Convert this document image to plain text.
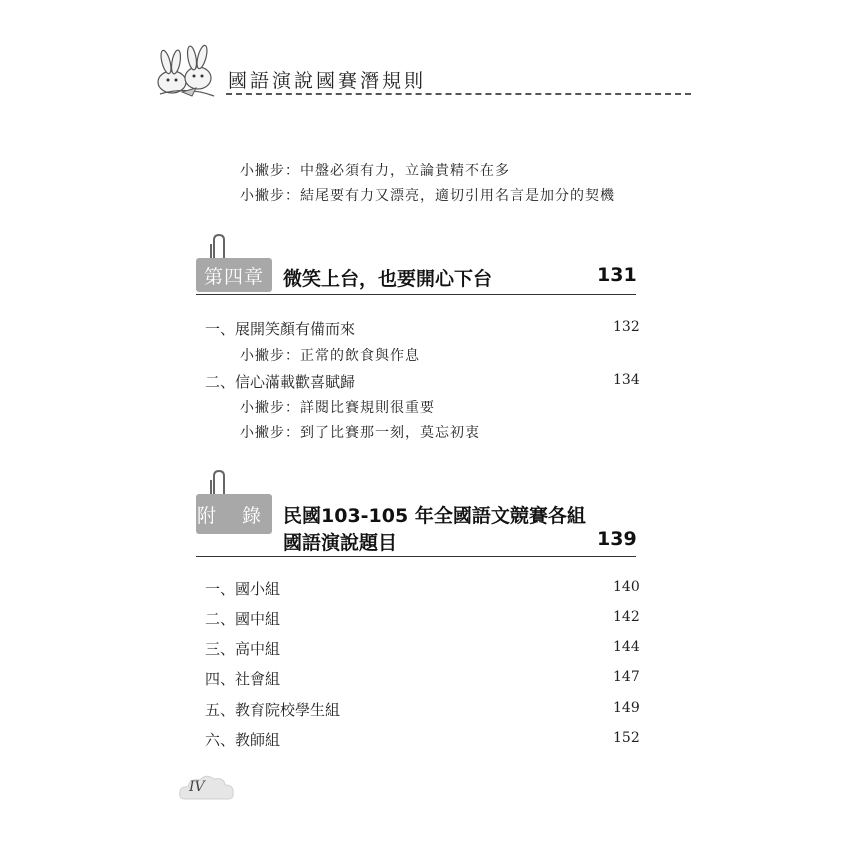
國語演說國賽潛規則
小撇步：中盤必須有力，立論貴精不在多
小撇步：結尾要有力又漂亮，適切引用名言是加分的契機
第四章	微笑上台，也要開心下台	131
一、展開笑顏有備而來	132
小撇步：正常的飲食與作息
二、信心滿載歡喜賦歸	134
小撇步：詳閱比賽規則很重要
小撇步：到了比賽那一刻，莫忘初衷
附 錄 民國103-105 年全國語文競賽各組
國語演說題目	139
一、國小組	140
二、國中組	142
三、高中組	144
四、社會組	147
五、教育院校學生組	149
六、教師組	152
IV
